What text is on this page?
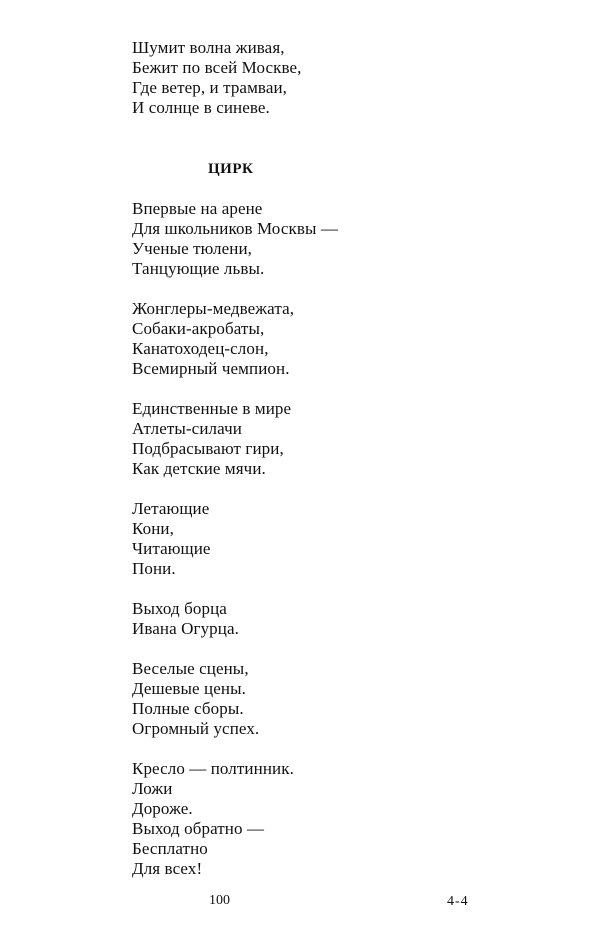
Шумит волна живая,
Бежит по всей Москве,
Где ветер, и трамваи,
И солнце в синеве.
ЦИРК
Впервые на арене
Для школьников Москвы —
Ученые тюлени,
Танцующие львы.
Жонглеры-медвежата,
Собаки-акробаты,
Канатоходец-слон,
Всемирный чемпион.
Единственные в мире
Атлеты-силачи
Подбрасывают гири,
Как детские мячи.
Летающие
Кони,
Читающие
Пони.
Выход борца
Ивана Огурца.
Веселые сцены,
Дешевые цены.
Полные сборы.
Огромный успех.
Кресло — полтинник.
Ложи
Дороже.
Выход обратно —
Бесплатно
Для всех!
100	4-4
